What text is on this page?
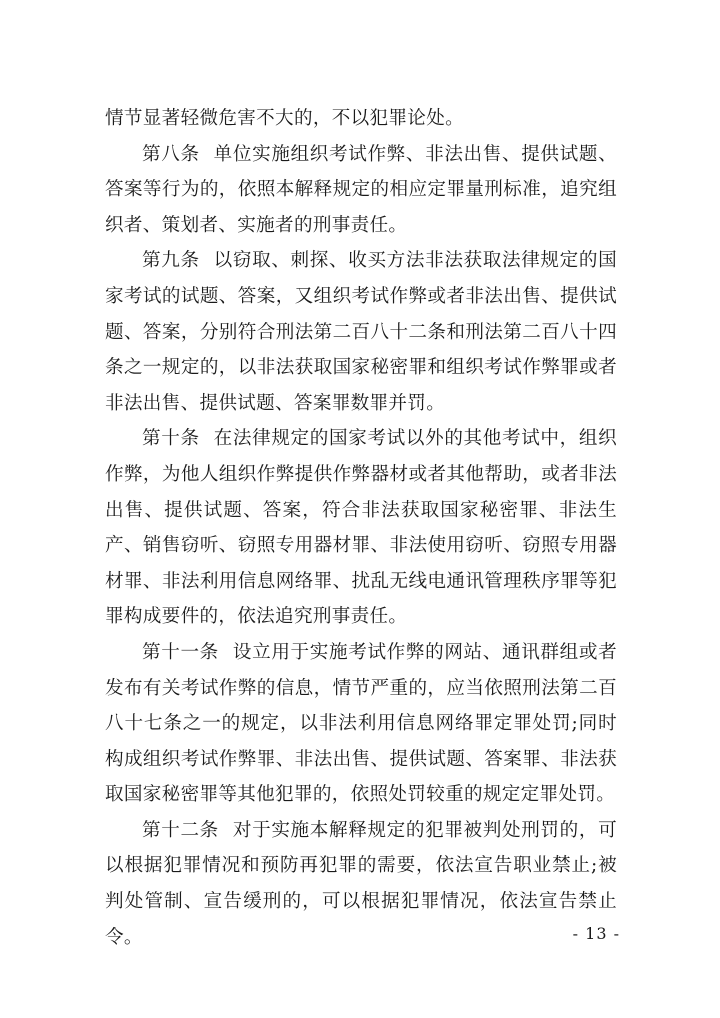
情节显著轻微危害不大的，不以犯罪论处。

第八条 单位实施组织考试作弊、非法出售、提供试题、答案等行为的，依照本解释规定的相应定罪量刑标准，追究组织者、策划者、实施者的刑事责任。

第九条 以窃取、刺探、收买方法非法获取法律规定的国家考试的试题、答案，又组织考试作弊或者非法出售、提供试题、答案，分别符合刑法第二百八十二条和刑法第二百八十四条之一规定的，以非法获取国家秘密罪和组织考试作弊罪或者非法出售、提供试题、答案罪数罪并罚。

第十条 在法律规定的国家考试以外的其他考试中，组织作弊，为他人组织作弊提供作弊器材或者其他帮助，或者非法出售、提供试题、答案，符合非法获取国家秘密罪、非法生产、销售窃听、窃照专用器材罪、非法使用窃听、窃照专用器材罪、非法利用信息网络罪、扰乱无线电通讯管理秩序罪等犯罪构成要件的，依法追究刑事责任。

第十一条 设立用于实施考试作弊的网站、通讯群组或者发布有关考试作弊的信息，情节严重的，应当依照刑法第二百八十七条之一的规定，以非法利用信息网络罪定罪处罚;同时构成组织考试作弊罪、非法出售、提供试题、答案罪、非法获取国家秘密罪等其他犯罪的，依照处罚较重的规定定罪处罚。

第十二条 对于实施本解释规定的犯罪被判处刑罚的，可以根据犯罪情况和预防再犯罪的需要，依法宣告职业禁止;被判处管制、宣告缓刑的，可以根据犯罪情况，依法宣告禁止令。	- 13 -
